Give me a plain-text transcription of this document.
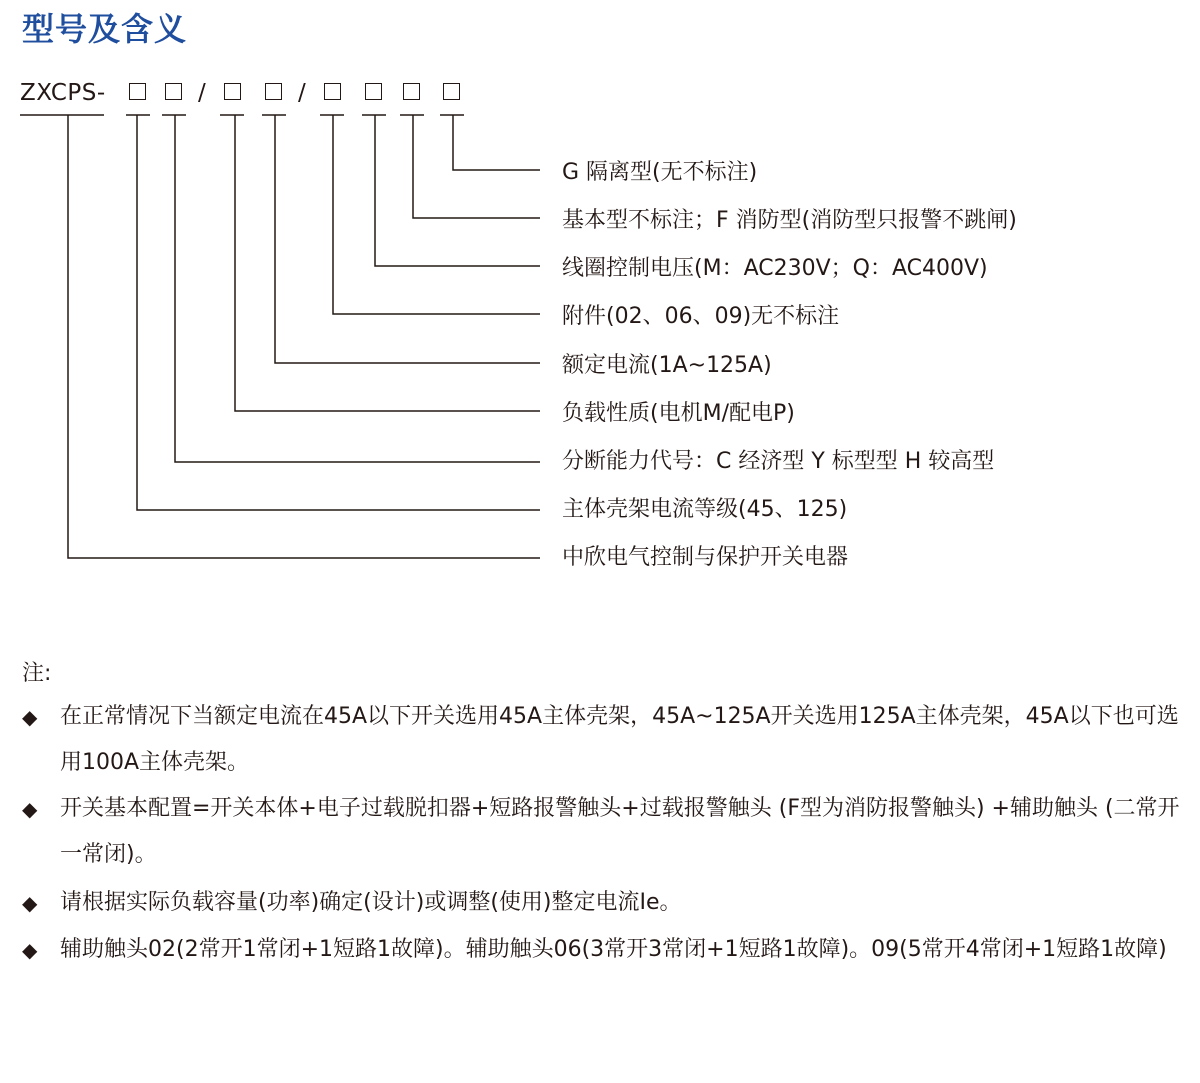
型号及含义
ZXCPS-	/	/
G 隔离型(无不标注)
基本型不标注；F 消防型(消防型只报警不跳闸)
线圈控制电压(M：AC230V；Q：AC400V)
附件(02、06、09)无不标注
额定电流(1A~125A)
负载性质(电机M/配电P)
分断能力代号：C 经济型 Y 标型型 H 较高型
主体壳架电流等级(45、125)
中欣电气控制与保护开关电器
注:
◆ 在正常情况下当额定电流在45A以下开关选用45A主体壳架，45A~125A开关选用125A主体壳架，45A以下也可选用100A主体壳架。
◆ 开关基本配置=开关本体+电子过载脱扣器+短路报警触头+过载报警触头 (F型为消防报警触头) +辅助触头 (二常开一常闭)。
◆ 请根据实际负载容量(功率)确定(设计)或调整(使用)整定电流Ie。
◆ 辅助触头02(2常开1常闭+1短路1故障)。辅助触头06(3常开3常闭+1短路1故障)。09(5常开4常闭+1短路1故障)
